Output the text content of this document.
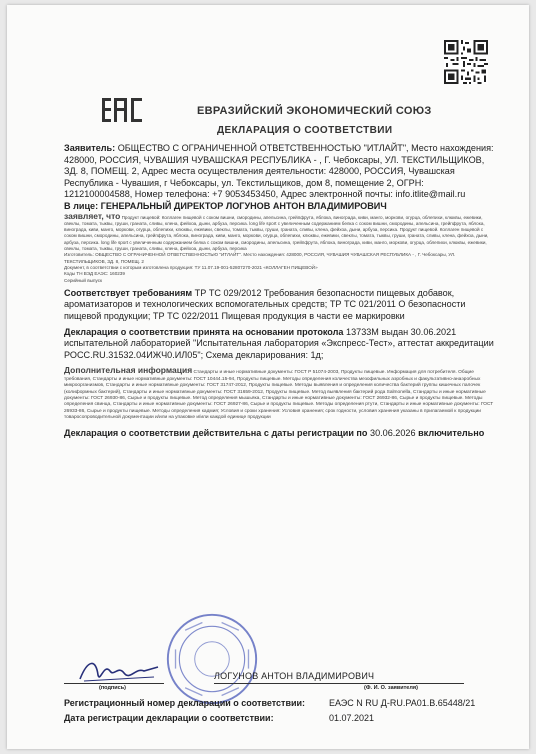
ЕВРАЗИЙСКИЙ ЭКОНОМИЧЕСКИЙ СОЮЗ
ДЕКЛАРАЦИЯ О СООТВЕТСТВИИ

Заявитель: ОБЩЕСТВО С ОГРАНИЧЕННОЙ ОТВЕТСТВЕННОСТЬЮ "ИТЛАЙТ", Место нахождения: 428000, РОССИЯ, ЧУВАШИЯ ЧУВАШСКАЯ РЕСПУБЛИКА - , Г. Чебоксары, УЛ. ТЕКСТИЛЬЩИКОВ, ЗД. 8, ПОМЕЩ. 2, Адрес места осуществления деятельности: 428000, РОССИЯ, Чувашская Республика - Чувашия, г Чебоксары, ул. Текстильщиков, дом 8, помещение 2, ОГРН: 1212100004588, Номер телефона: +7 9053453450, Адрес электронной почты: info.itlite@mail.ru

В лице: ГЕНЕРАЛЬНЫЙ ДИРЕКТОР ЛОГУНОВ АНТОН ВЛАДИМИРОВИЧ

заявляет, что Продукт пищевой: Коллаген пищевой с соком вишни, смородины, апельсина, грейпфрута, яблока, винограда, киви, манго, моркови, огурца, облепихи, клюквы, ежевики, свеклы, томата, тыквы, груши, граната, сливы, клена, фейхоа, дыни, арбуза, персика. long life sport с увеличенным содержанием белка с соком вишни, смородины, апельсина, грейпфрута, яблока, винограда, киви, манго, моркови, огурца, облепихи, клюквы, ежевики, свеклы, томата, тыквы, груши, граната, сливы, клена, фейхоа, дыни, арбуза, персика. Продукт пищевой. Коллаген пищевой с соком вишни, смородины, апельсина, грейпфрута, яблока, винограда, киви, манго, моркови, огурца, облепихи, клюквы, ежевики, свеклы, томата, тыквы, груши, граната, сливы, клена, фейхоа, дыни, арбуза, персика. long life sport с увеличенным содержанием белка с соком вишни, смородины, апельсина, грейпфрута, яблока, винограда, киви, манго, моркови, огурца, облепихи, клюквы, ежевики, свеклы, томата, тыквы, груши, граната, сливы, клена, фейхоа, дыни, арбуза, персика

Изготовитель: ОБЩЕСТВО С ОГРАНИЧЕННОЙ ОТВЕТСТВЕННОСТЬЮ "ИТЛАЙТ". Место нахождения: 428000, РОССИЯ, ЧУВАШИЯ ЧУВАШСКАЯ РЕСПУБЛИКА - , Г. Чебоксары, УЛ. ТЕКСТИЛЬЩИКОВ, ЗД. 8, ПОМЕЩ. 2

Документ, в соответствии с которым изготовлена продукция: ТУ 11.07.19-001-52807270-2021 «КОЛЛАГЕН ПИЩЕВОЙ»

Коды ТН ВЭД ЕАЭС: 160239

Серийный выпуск

Соответствует требованиям ТР ТС 029/2012 Требования безопасности пищевых добавок, ароматизаторов и технологических вспомогательных средств; ТР ТС 021/2011 О безопасности пищевой продукции; ТР ТС 022/2011 Пищевая продукция в части ее маркировки

Декларация о соответствии принята на основании протокола 13733М выдан 30.06.2021 испытательной лабораторией "Испытательная лаборатория «Экспресс-Тест», аттестат аккредитации РОСС.RU.31532.04ИЖЧ0.ИЛ05"; Схема декларирования: 1д;

Дополнительная информация Стандарты и иные нормативные документы: ГОСТ Р 51074-2003, Продукты пищевые. Информация для потребителя. Общие требования, Стандарты и иные нормативные документы: ГОСТ 10444.15-94, Продукты пищевые. Методы определения количества мезофильных аэробных и факультативно-анаэробных микроорганизмов, Стандарты и иные нормативные документы: ГОСТ 31747-2012, Продукты пищевые. Методы выявления и определения количества бактерий группы кишечных палочек (колиформных бактерий), Стандарты и иные нормативные документы: ГОСТ 31659-2012, Продукты пищевые. Метод выявления бактерий рода Salmonella, Стандарты и иные нормативные документы: ГОСТ 26930-86, Сырье и продукты пищевые. Метод определения мышьяка, Стандарты и иные нормативные документы: ГОСТ 26932-86, Сырье и продукты пищевые. Методы определения свинца, Стандарты и иные нормативные документы: ГОСТ 26927-86, Сырье и продукты пищевые. Методы определения ртути, Стандарты и иные нормативные документы: ГОСТ 26933-86, Сырье и продукты пищевые. Методы определения кадмия; Условия и сроки хранения: Условия хранения; срок годности, условия хранения указаны в прилагаемой к продукции товаросопроводительной документации и/или на упаковке и/или каждой единице продукции

Декларация о соответствии действительна с даты регистрации по 30.06.2026 включительно

ЛОГУНОВ АНТОН ВЛАДИМИРОВИЧ
(подпись)	(Ф. И. О. заявителя)
Регистрационный номер декларации о соответствии:	ЕАЭС N RU Д-RU.PA01.B.65448/21
Дата регистрации декларации о соответствии:	01.07.2021
